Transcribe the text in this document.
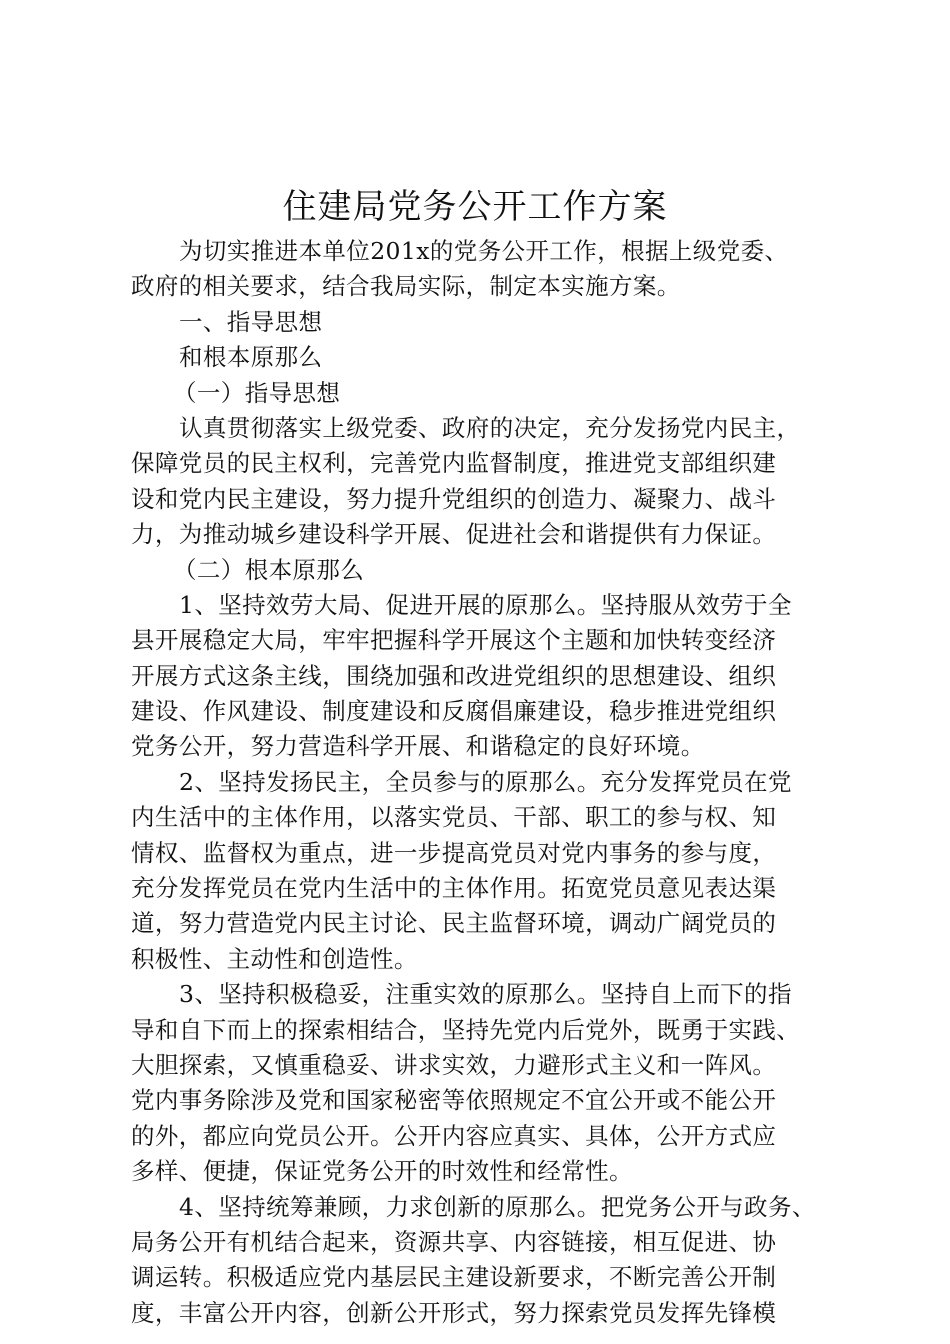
住建局党务公开工作方案
为切实推进本单位201x的党务公开工作，根据上级党委、
政府的相关要求，结合我局实际，制定本实施方案。
一、指导思想
和根本原那么
（一）指导思想
认真贯彻落实上级党委、政府的决定，充分发扬党内民主，
保障党员的民主权利，完善党内监督制度，推进党支部组织建
设和党内民主建设，努力提升党组织的创造力、凝聚力、战斗
力，为推动城乡建设科学开展、促进社会和谐提供有力保证。
（二）根本原那么
1、坚持效劳大局、促进开展的原那么。坚持服从效劳于全
县开展稳定大局，牢牢把握科学开展这个主题和加快转变经济
开展方式这条主线，围绕加强和改进党组织的思想建设、组织
建设、作风建设、制度建设和反腐倡廉建设，稳步推进党组织
党务公开，努力营造科学开展、和谐稳定的良好环境。
2、坚持发扬民主，全员参与的原那么。充分发挥党员在党
内生活中的主体作用，以落实党员、干部、职工的参与权、知
情权、监督权为重点，进一步提高党员对党内事务的参与度，
充分发挥党员在党内生活中的主体作用。拓宽党员意见表达渠
道，努力营造党内民主讨论、民主监督环境，调动广阔党员的
积极性、主动性和创造性。
3、坚持积极稳妥，注重实效的原那么。坚持自上而下的指
导和自下而上的探索相结合，坚持先党内后党外，既勇于实践、
大胆探索，又慎重稳妥、讲求实效，力避形式主义和一阵风。
党内事务除涉及党和国家秘密等依照规定不宜公开或不能公开
的外，都应向党员公开。公开内容应真实、具体，公开方式应
多样、便捷，保证党务公开的时效性和经常性。
4、坚持统筹兼顾，力求创新的原那么。把党务公开与政务、
局务公开有机结合起来，资源共享、内容链接，相互促进、协
调运转。积极适应党内基层民主建设新要求，不断完善公开制
度，丰富公开内容，创新公开形式，努力探索党员发挥先锋模
